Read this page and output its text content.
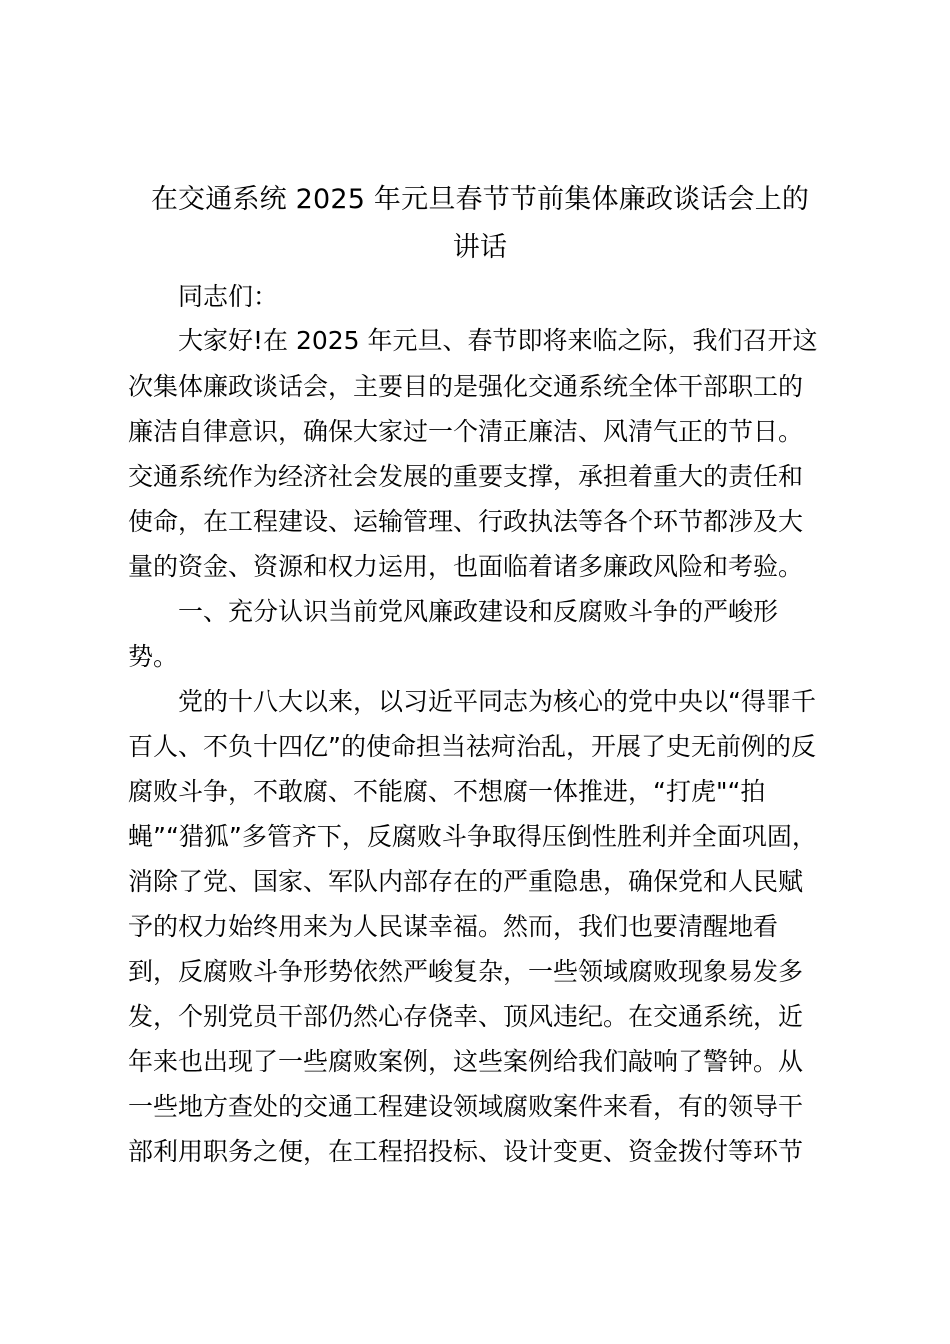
在交通系统 2025 年元旦春节节前集体廉政谈话会上的
讲话
同志们：
大家好!在 2025 年元旦、春节即将来临之际，我们召开这
次集体廉政谈话会，主要目的是强化交通系统全体干部职工的
廉洁自律意识，确保大家过一个清正廉洁、风清气正的节日。
交通系统作为经济社会发展的重要支撑，承担着重大的责任和
使命，在工程建设、运输管理、行政执法等各个环节都涉及大
量的资金、资源和权力运用，也面临着诸多廉政风险和考验。
一、充分认识当前党风廉政建设和反腐败斗争的严峻形
势。
党的十八大以来，以习近平同志为核心的党中央以“得罪千
百人、不负十四亿”的使命担当祛疴治乱，开展了史无前例的反
腐败斗争，不敢腐、不能腐、不想腐一体推进，“打虎"“拍
蝇”“猎狐”多管齐下，反腐败斗争取得压倒性胜利并全面巩固，
消除了党、国家、军队内部存在的严重隐患，确保党和人民赋
予的权力始终用来为人民谋幸福。然而，我们也要清醒地看
到，反腐败斗争形势依然严峻复杂，一些领域腐败现象易发多
发，个别党员干部仍然心存侥幸、顶风违纪。在交通系统，近
年来也出现了一些腐败案例，这些案例给我们敲响了警钟。从
一些地方查处的交通工程建设领域腐败案件来看，有的领导干
部利用职务之便，在工程招投标、设计变更、资金拨付等环节
